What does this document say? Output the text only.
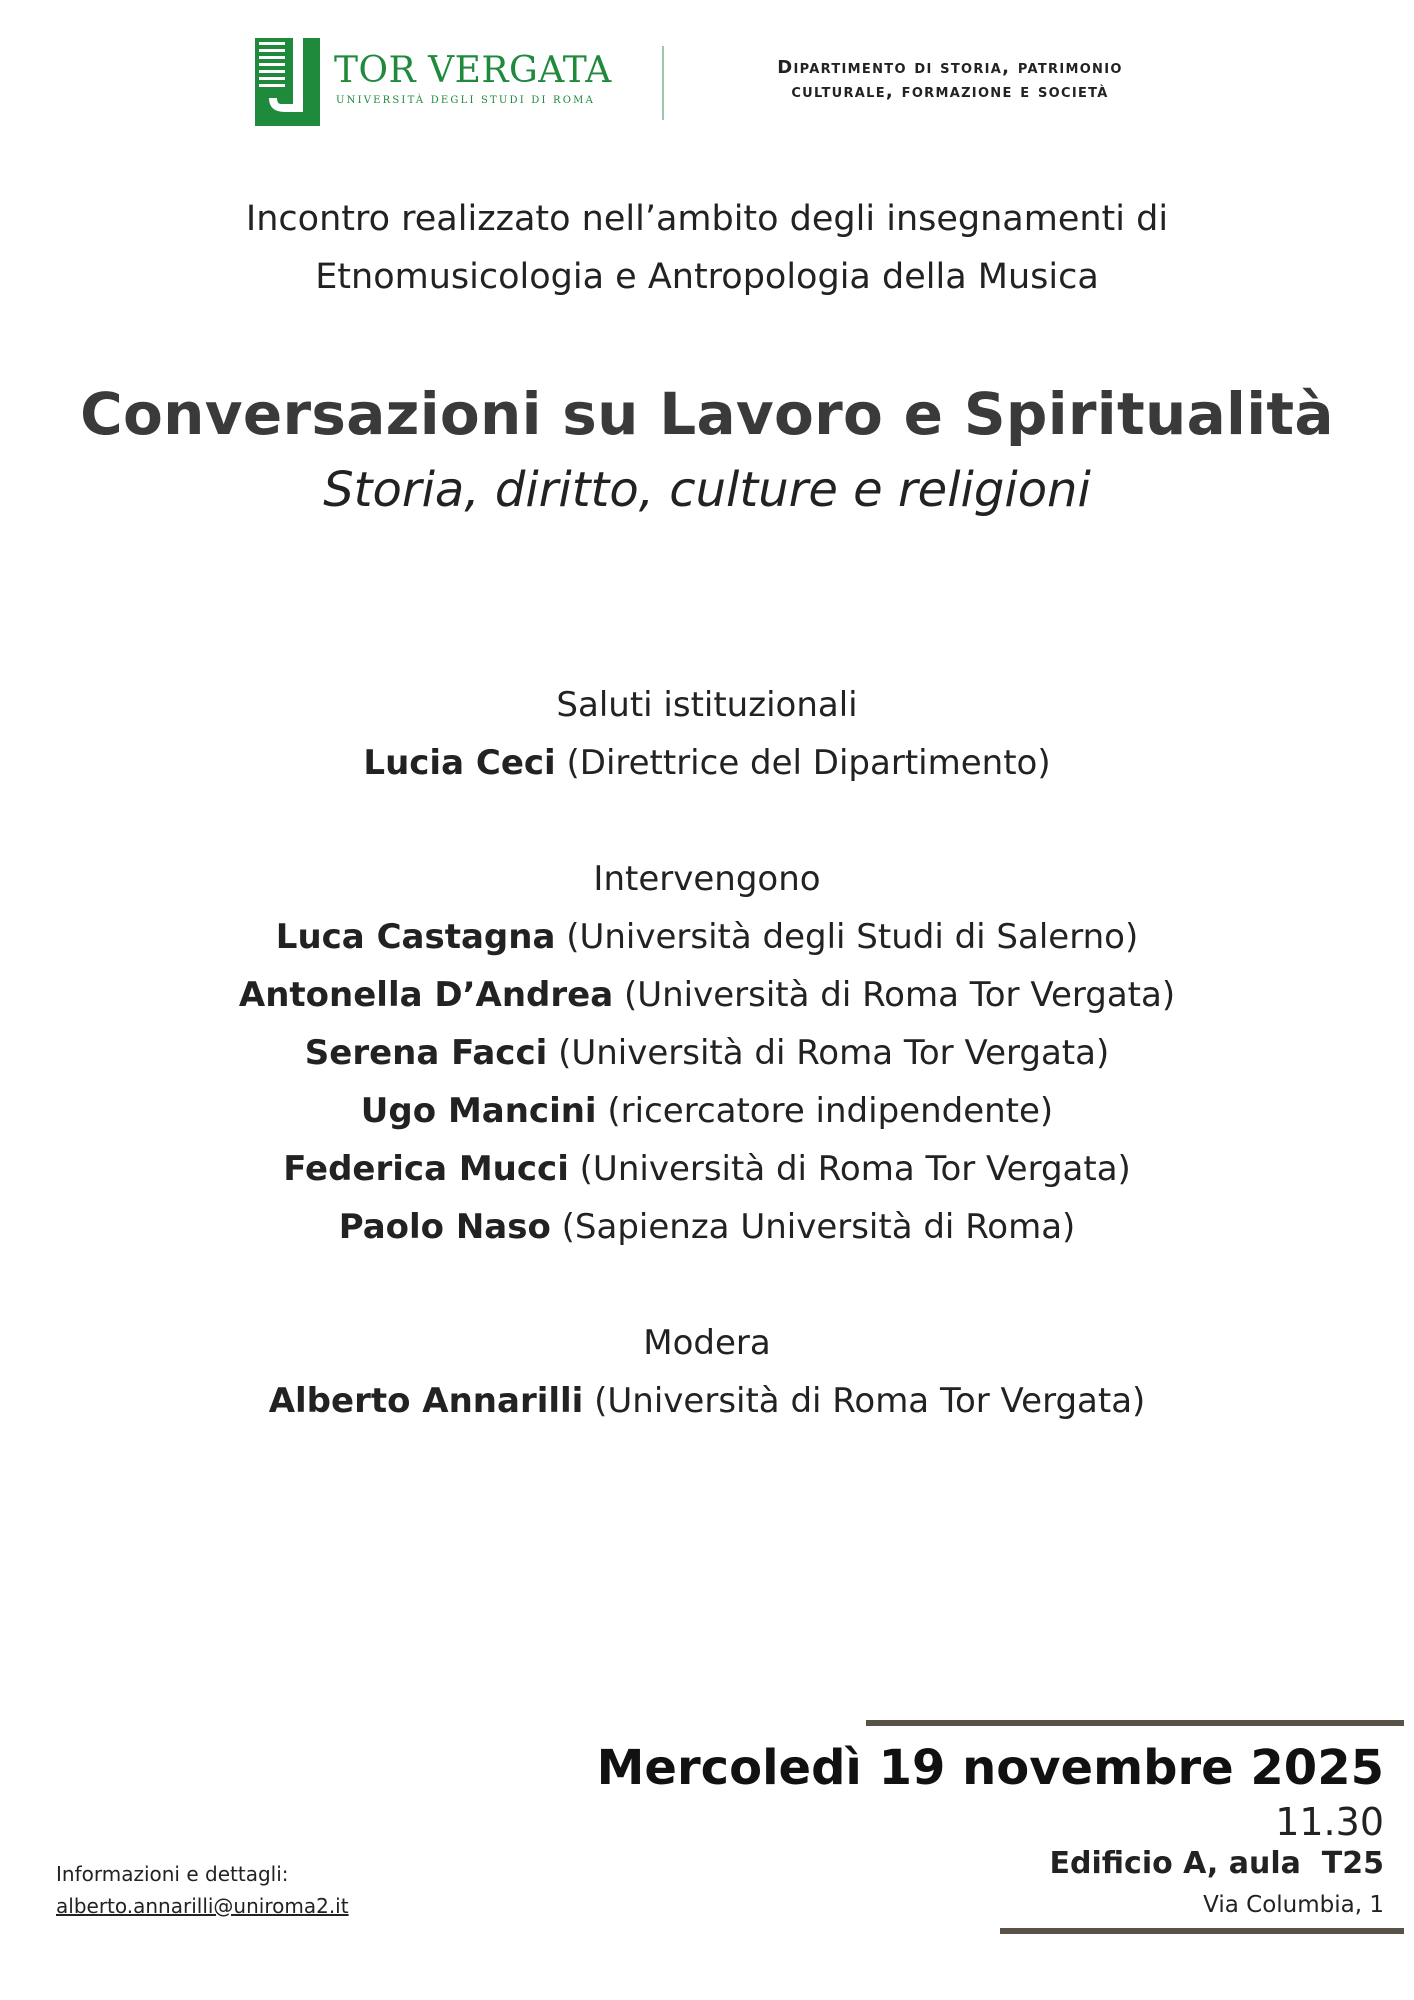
TOR VERGATA
UNIVERSITÀ DEGLI STUDI DI ROMA
Dipartimento di storia, patrimonio
culturale, formazione e società
Incontro realizzato nell’ambito degli insegnamenti di
Etnomusicologia e Antropologia della Musica
Conversazioni su Lavoro e Spiritualità
Storia, diritto, culture e religioni
Saluti istituzionali
Lucia Ceci (Direttrice del Dipartimento)
Intervengono
Luca Castagna (Università degli Studi di Salerno)
Antonella D’Andrea (Università di Roma Tor Vergata)
Serena Facci (Università di Roma Tor Vergata)
Ugo Mancini (ricercatore indipendente)
Federica Mucci (Università di Roma Tor Vergata)
Paolo Naso (Sapienza Università di Roma)
Modera
Alberto Annarilli (Università di Roma Tor Vergata)
Mercoledì 19 novembre 2025
11.30
Edificio A, aula  T25
Via Columbia, 1
Informazioni e dettagli:
alberto.annarilli@uniroma2.it
